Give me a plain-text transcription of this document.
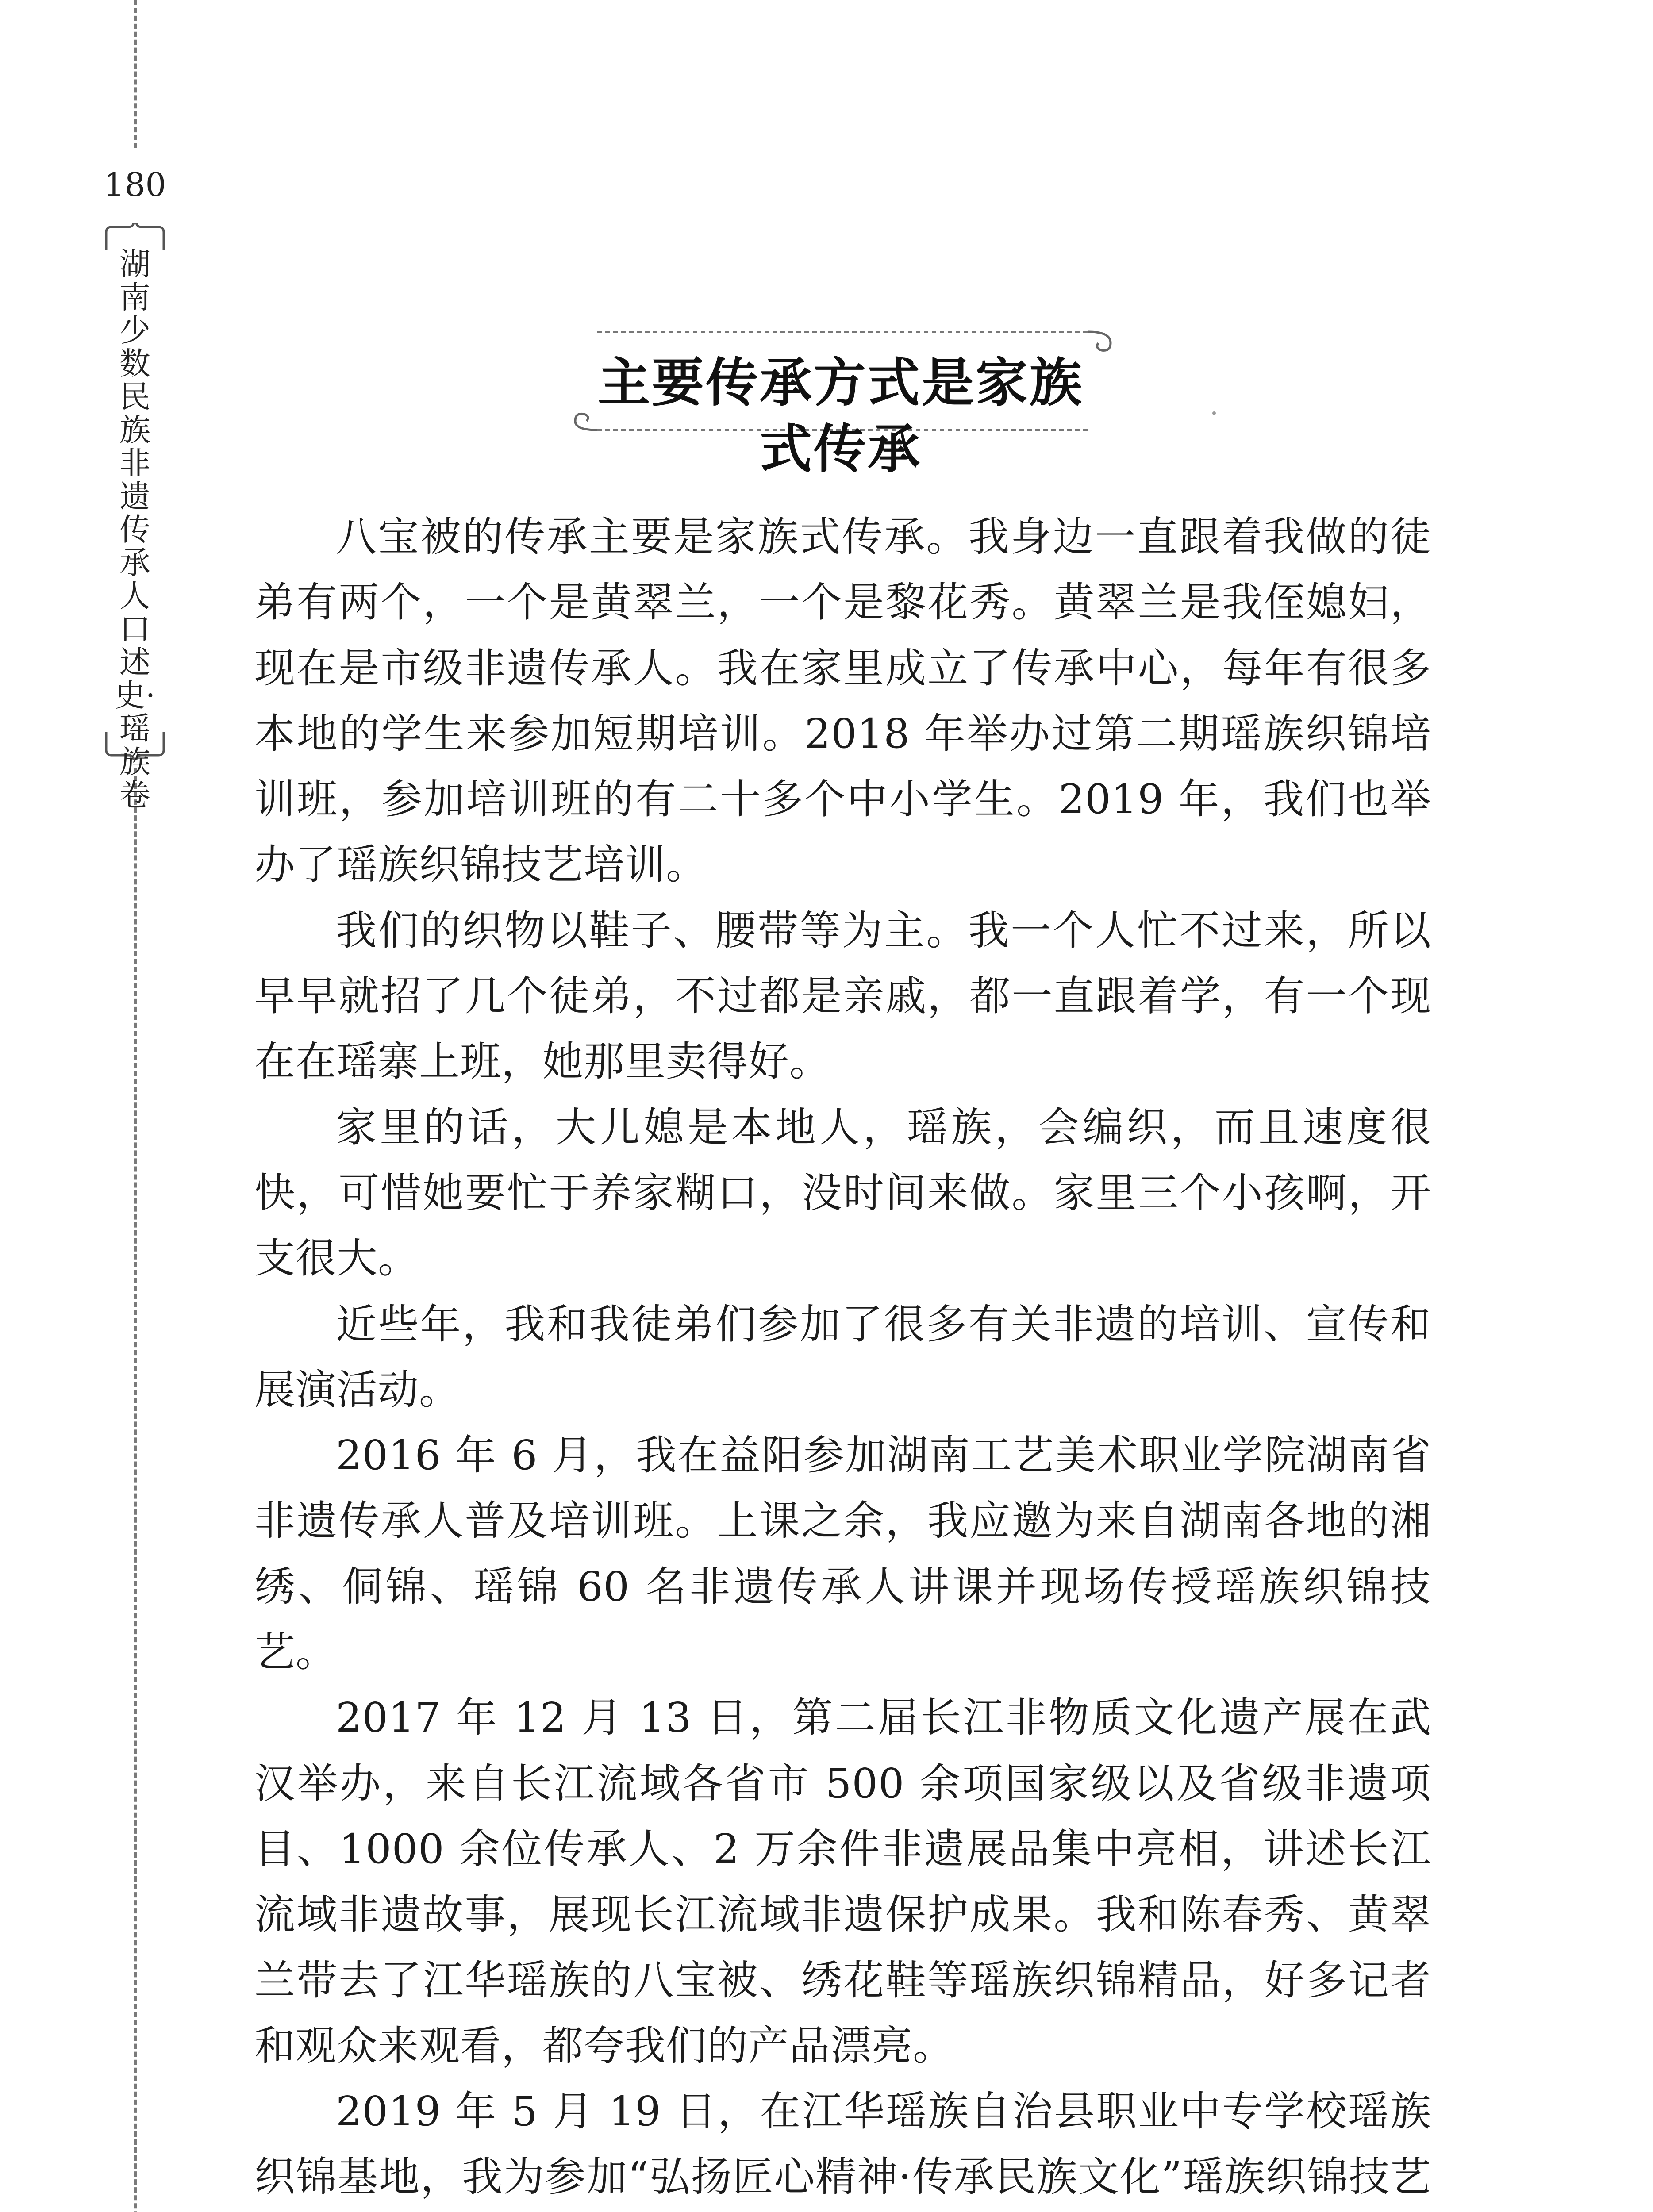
180
湖南少数民族非遗传承人口述史·瑶族卷
主要传承方式是家族式传承

八宝被的传承主要是家族式传承。我身边一直跟着我做的徒弟有两个，一个是黄翠兰，一个是黎花秀。黄翠兰是我侄媳妇，现在是市级非遗传承人。我在家里成立了传承中心，每年有很多本地的学生来参加短期培训。2018 年举办过第二期瑶族织锦培训班，参加培训班的有二十多个中小学生。2019 年，我们也举办了瑶族织锦技艺培训。

我们的织物以鞋子、腰带等为主。我一个人忙不过来，所以早早就招了几个徒弟，不过都是亲戚，都一直跟着学，有一个现在在瑶寨上班，她那里卖得好。

家里的话，大儿媳是本地人，瑶族，会编织，而且速度很快，可惜她要忙于养家糊口，没时间来做。家里三个小孩啊，开支很大。

近些年，我和我徒弟们参加了很多有关非遗的培训、宣传和展演活动。

2016 年 6 月，我在益阳参加湖南工艺美术职业学院湖南省非遗传承人普及培训班。上课之余，我应邀为来自湖南各地的湘绣、侗锦、瑶锦 60 名非遗传承人讲课并现场传授瑶族织锦技艺。

2017 年 12 月 13 日，第二届长江非物质文化遗产展在武汉举办，来自长江流域各省市 500 余项国家级以及省级非遗项目、1000 余位传承人、2 万余件非遗展品集中亮相，讲述长江流域非遗故事，展现长江流域非遗保护成果。我和陈春秀、黄翠兰带去了江华瑶族的八宝被、绣花鞋等瑶族织锦精品，好多记者和观众来观看，都夸我们的产品漂亮。

2019 年 5 月 19 日，在江华瑶族自治县职业中专学校瑶族织锦基地，我为参加“弘扬匠心精神·传承民族文化”瑶族织锦技艺
